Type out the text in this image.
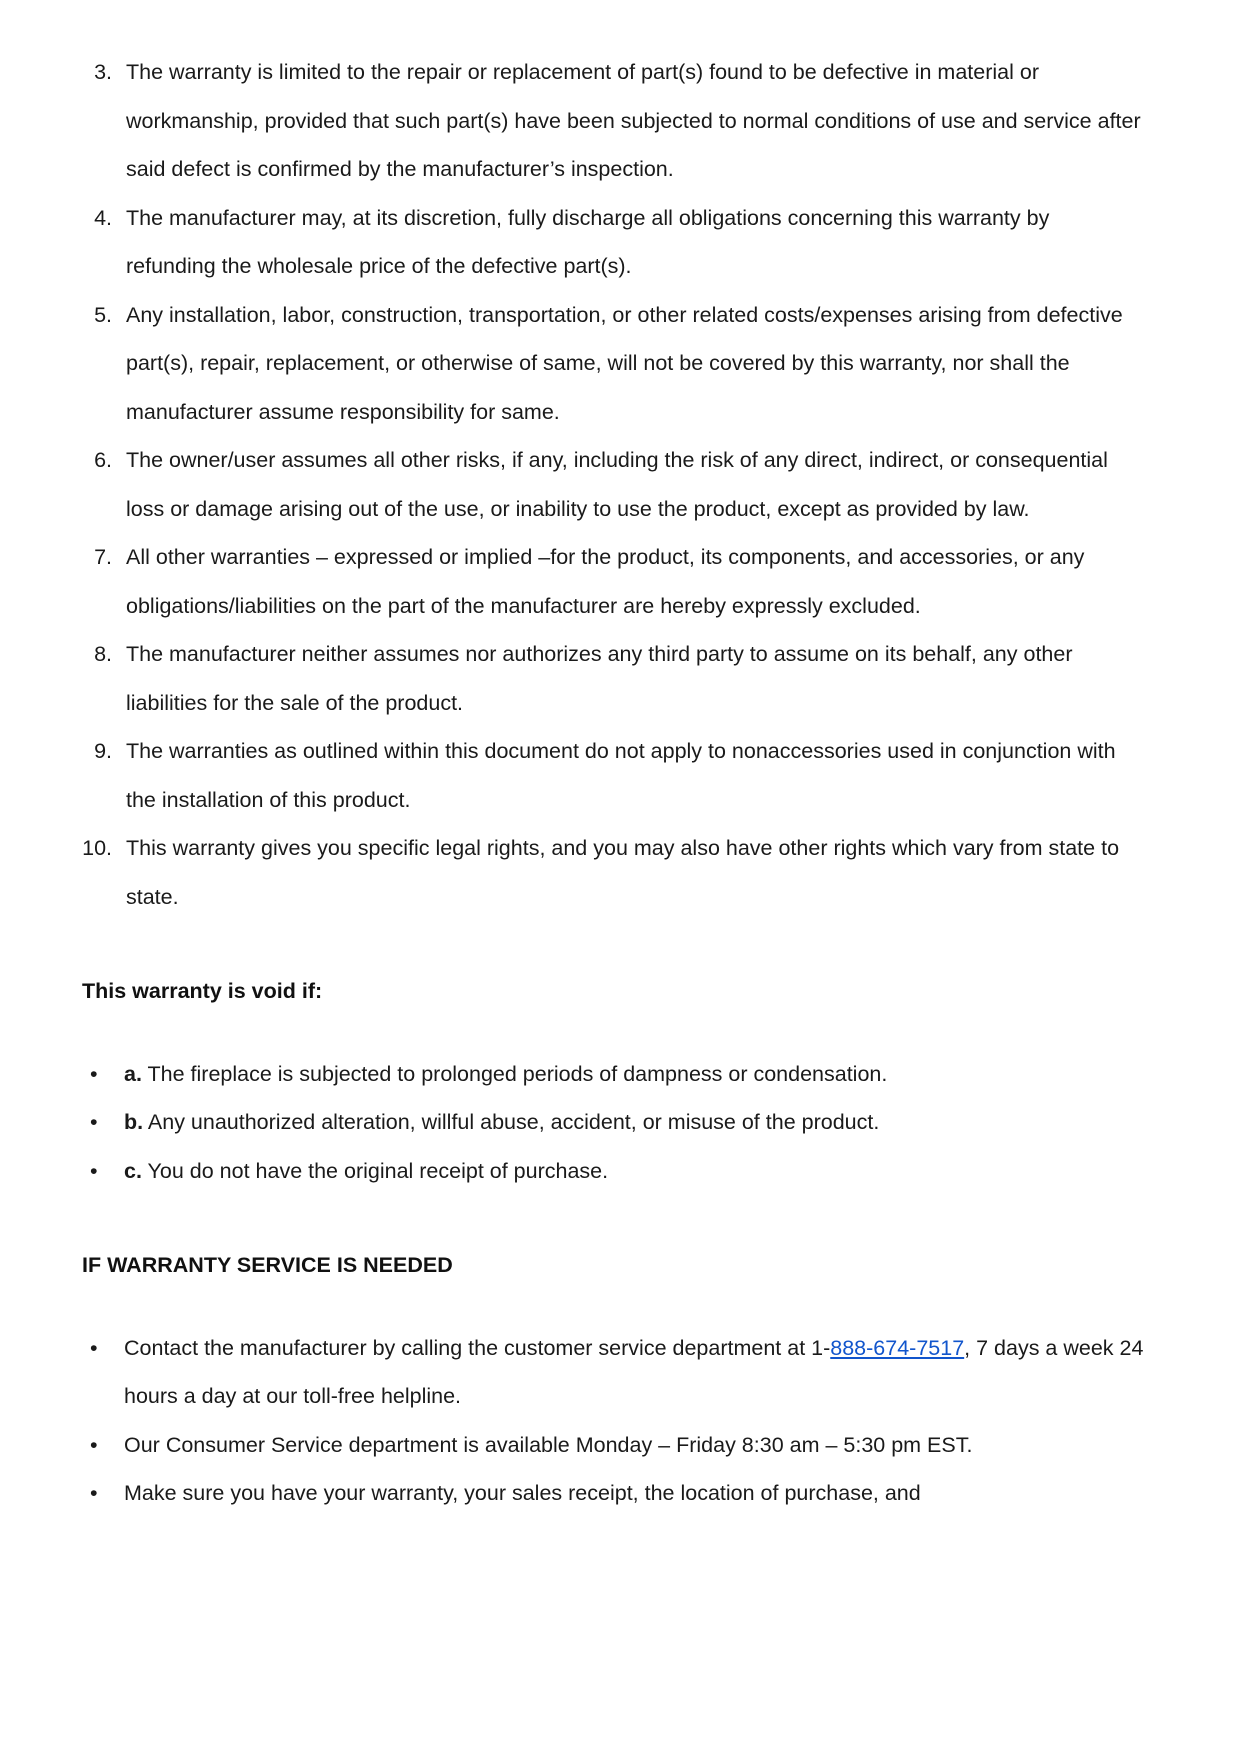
3. The warranty is limited to the repair or replacement of part(s) found to be defective in material or workmanship, provided that such part(s) have been subjected to normal conditions of use and service after said defect is confirmed by the manufacturer’s inspection.
4. The manufacturer may, at its discretion, fully discharge all obligations concerning this warranty by refunding the wholesale price of the defective part(s).
5. Any installation, labor, construction, transportation, or other related costs/expenses arising from defective part(s), repair, replacement, or otherwise of same, will not be covered by this warranty, nor shall the manufacturer assume responsibility for same.
6. The owner/user assumes all other risks, if any, including the risk of any direct, indirect, or consequential loss or damage arising out of the use, or inability to use the product, except as provided by law.
7. All other warranties – expressed or implied –for the product, its components, and accessories, or any obligations/liabilities on the part of the manufacturer are hereby expressly excluded.
8. The manufacturer neither assumes nor authorizes any third party to assume on its behalf, any other liabilities for the sale of the product.
9. The warranties as outlined within this document do not apply to nonaccessories used in conjunction with the installation of this product.
10. This warranty gives you specific legal rights, and you may also have other rights which vary from state to state.

This warranty is void if:

• a. The fireplace is subjected to prolonged periods of dampness or condensation.
• b. Any unauthorized alteration, willful abuse, accident, or misuse of the product.
• c. You do not have the original receipt of purchase.

IF WARRANTY SERVICE IS NEEDED

• Contact the manufacturer by calling the customer service department at 1-888-674-7517, 7 days a week 24 hours a day at our toll-free helpline.
• Our Consumer Service department is available Monday – Friday 8:30 am – 5:30 pm EST.
• Make sure you have your warranty, your sales receipt, the location of purchase, and
